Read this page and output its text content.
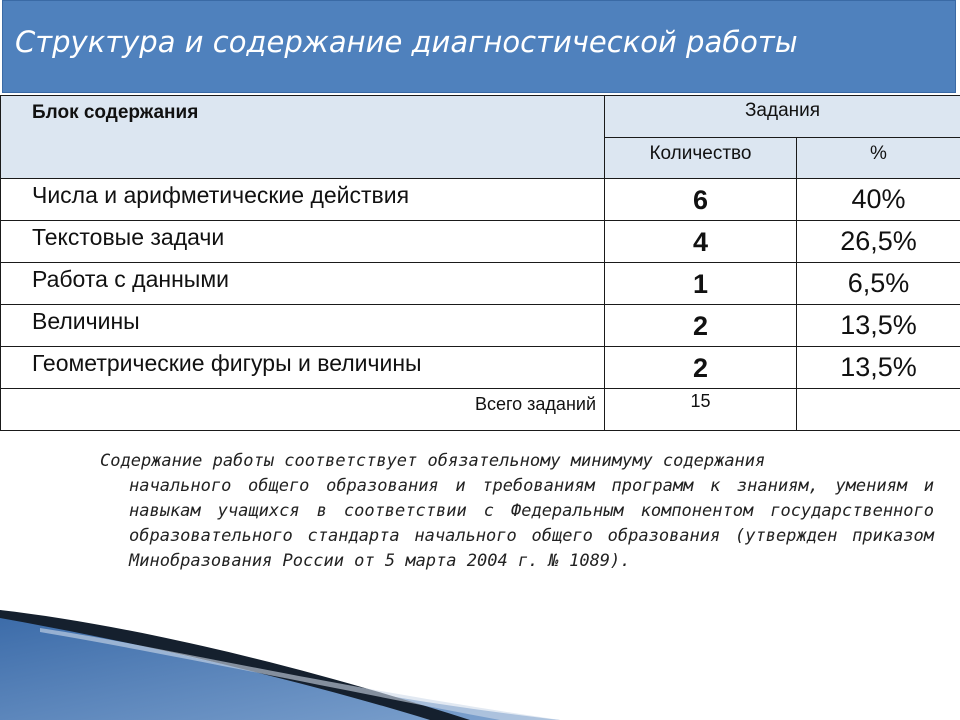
Структура и содержание диагностической работы
Блок содержания	Задания	
	Количество	%
Числа и арифметические действия	6	40%
Текстовые задачи	4	26,5%
Работа с данными	1	6,5%
Величины	2	13,5%
Геометрические фигуры и величины	2	13,5%
Всего заданий	15	
Содержание работы соответствует обязательному минимуму содержания
начального общего образования и требованиям программ к знаниям, умениям и навыкам учащихся в соответствии с Федеральным компонентом государственного образовательного стандарта начального общего образования (утвержден приказом Минобразования России от 5 марта 2004 г. № 1089).
